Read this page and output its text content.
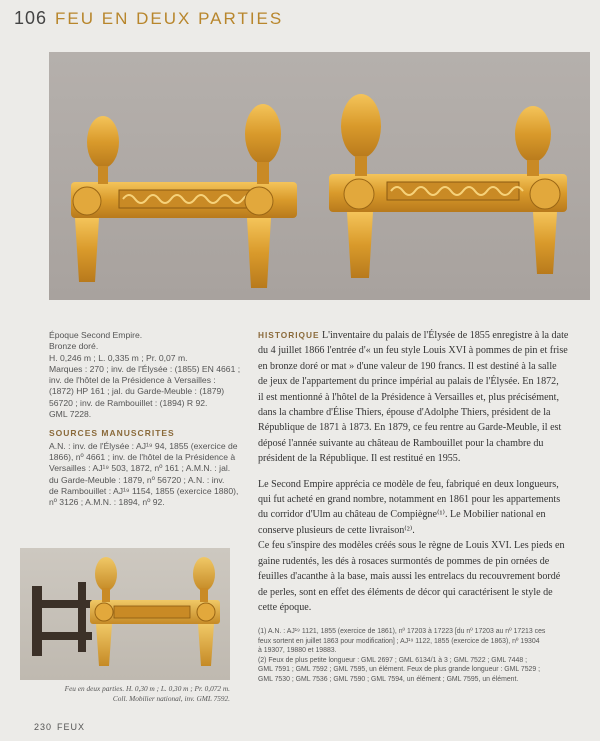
106 FEU EN DEUX PARTIES
Époque Second Empire.
Bronze doré.
H. 0,246 m ; L. 0,335 m ; Pr. 0,07 m.
Marques : 270 ; inv. de l'Élysée : (1855) EN 4661 ;
inv. de l'hôtel de la Présidence à Versailles :
(1872) HP 161 ; jal. du Garde-Meuble : (1879)
56720 ; inv. de Rambouillet : (1894) R 92.
GML 7228.
SOURCES MANUSCRITES
A.N. : inv. de l'Élysée : AJ¹⁹ 94, 1855 (exercice de
1866), nº 4661 ; inv. de l'hôtel de la Présidence à
Versailles : AJ¹⁹ 503, 1872, nº 161 ; A.M.N. : jal.
du Garde-Meuble : 1879, nº 56720 ; A.N. : inv.
de Rambouillet : AJ¹⁹ 1154, 1855 (exercice 1880),
nº 3126 ; A.M.N. : 1894, nº 92.
HISTORIQUE L'inventaire du palais de l'Élysée de 1855 enregistre à la date
du 4 juillet 1866 l'entrée d'« un feu style Louis XVI à pommes de pin et frise
en bronze doré or mat » d'une valeur de 190 francs. Il est destiné à la salle
de jeux de l'appartement du prince impérial au palais de l'Élysée. En 1872,
il est mentionné à l'hôtel de la Présidence à Versailles et, plus précisément,
dans la chambre d'Élise Thiers, épouse d'Adolphe Thiers, président de la
République de 1871 à 1873. En 1879, ce feu rentre au Garde-Meuble, il est
déposé l'année suivante au château de Rambouillet pour la chambre du
président de la République. Il est restitué en 1955.
Le Second Empire apprécia ce modèle de feu, fabriqué en deux longueurs,
qui fut acheté en grand nombre, notamment en 1861 pour les appartements
du corridor d'Ulm au château de Compiègne⁽¹⁾. Le Mobilier national en
conserve plusieurs de cette livraison⁽²⁾.
Ce feu s'inspire des modèles créés sous le règne de Louis XVI. Les pieds en
gaine rudentés, les dés à rosaces surmontés de pommes de pin ornées de
feuilles d'acanthe à la base, mais aussi les entrelacs du recouvrement bordé
de perles, sont en effet des éléments de décor qui caractérisent le style de
cette époque.
(1) A.N. : AJ¹⁹ 1121, 1855 (exercice de 1861), nº 17203 à 17223 [du nº 17203 au nº 17213 ces
feux sortent en juillet 1863 pour modification] ; AJ¹⁹ 1122, 1855 (exercice de 1863), nº 19304
à 19307, 19880 et 19883.
(2) Feux de plus petite longueur : GML 2697 ; GML 6134/1 à 3 ; GML 7522 ; GML 7448 ;
GML 7591 ; GML 7592 ; GML 7595, un élément. Feux de plus grande longueur : GML 7529 ;
GML 7530 ; GML 7536 ; GML 7590 ; GML 7594, un élément ; GML 7595, un élément.
Feu en deux parties. H. 0,30 m ; L. 0,30 m ; Pr. 0,072 m.
Coll. Mobilier national, inv. GML 7592.
230 FEUX
